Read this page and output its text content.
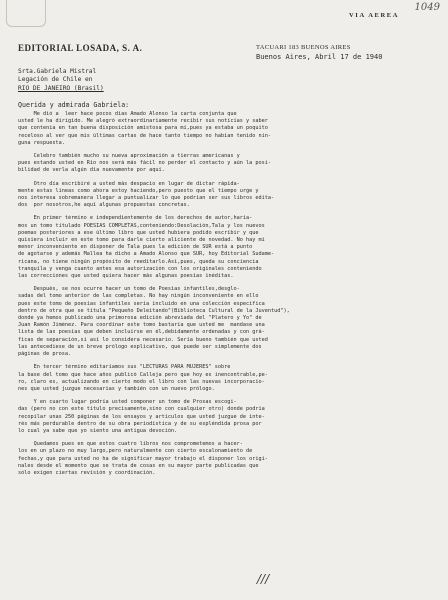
1049
VIA AEREA
EDITORIAL LOSADA, S. A.	TACUARI 183 BUENOS AIRES
Buenos Aires, Abril 17 de 1940
Srta.Gabriela Mistral
Legación de Chile en
RIO DE JANEIRO (Brasil)
Querida y admirada Gabriela:
Me dió a  leer hace pocos días Amado Alonso la carta conjunta que
usted le ha dirigido. Me alegró extraordinariamente recibir sus noticias y saber
que contenía en tan buena disposición amistosa para mí,pues ya estaba un poquito
receloso al ver que mis últimas cartas de hace tanto tiempo no habían tenido nin-
guna respuesta.
Celebro también mucho su nueva aproximación a tierras americanas y
pues estando usted en Río nos será más fácil no perder el contacto y aún la posi-
bilidad de verla algún día nuevamente por aquí.
Otro día escribiré a usted más despacio en lugar de dictar rápida-
mente estas líneas como ahora estoy haciendo,pero puesto que el tiempo urge y
nos interesa sobremanera llegar a puntualizar lo que podrían ser sus libros edita-
dos  por nosotros,he aquí algunas propuestas concretas.
En primer término e independientemente de los derechos de autor,haría-
mos un tomo titulado POESÍAS COMPLETAS,conteniendo:Desolación,Tala y los nuevos
poemas posteriores a ese último libro que usted hubiera podido escribir y que
quisiera incluir en este tomo para darle cierto aliciente de novedad. No hay mi
menor inconveniente en disponer de Tala pues la edición de SUR está a punto
de agotarse y además Mallea ha dicho a Amado Alonso que SUR, hoy Editorial Sudame-
ricana, no tiene ningún propósito de reeditarlo.Así,pues, queda su conciencia
tranquila y venga cuanto antes esa autorización con los originales conteniendo
las correcciones que usted quiera hacer más algunas poesías inéditas.
Después, se nos ocurre hacer un tomo de Poesías infantiles,desglo-
sadas del tomo anterior de las completas. No hay ningún inconveniente en ello
pues este tomo de poesías infantiles sería incluído en una colección específica
dentro de otra que se titula "Pequeño Deleitando"(Biblioteca Cultural de la Juventud"),
donde ya hemos publicado una primorosa edición abreviada del "Platero y Yo" de
Juan Ramón Jiménez. Para coordinar este tomo bastaría que usted me  mandase una
lista de las poesías que deben incluirse en él,debidamente ordenadas y con grá-
ficas de separación,si así lo considera necesario. Sería bueno también que usted
las antecediese de un breve prólogo explicativo, que puede ser simplemente dos
páginas de prosa.
En tercer término editaríamos sus "LECTURAS PARA MUJERES" sobre
la base del tomo que hace años publicó Calleja pero que hoy es inencontrable,pe-
ro, claro es, actualizando en cierto modo el libro con las nuevas incorporacio-
nes que usted juzgue necesarias y también con un nuevo prólogo.
Y en cuarto lugar podría usted componer un tomo de Prosas escogi-
das (pero no con este título precisamente,sino con cualquier otro) donde podría
recopilar unas 250 páginas de los ensayos y artículos que usted juzgue de inte-
rés más perdurable dentro de su obra periodística y de su espléndida prosa por
lo cual ya sabe que yo siento una antigua devoción.
Quedamos pues en que estos cuatro libros nos comprometemos a hacer-
los en un plazo no muy largo,pero naturalmente con cierto escalonamiento de
fechas,y que para usted no ha de significar mayor trabajo el disponer los origi-
nales desde el momento que se trata de cosas en su mayor parte publicadas que
sólo exigen ciertas revisión y coordinación.
///
